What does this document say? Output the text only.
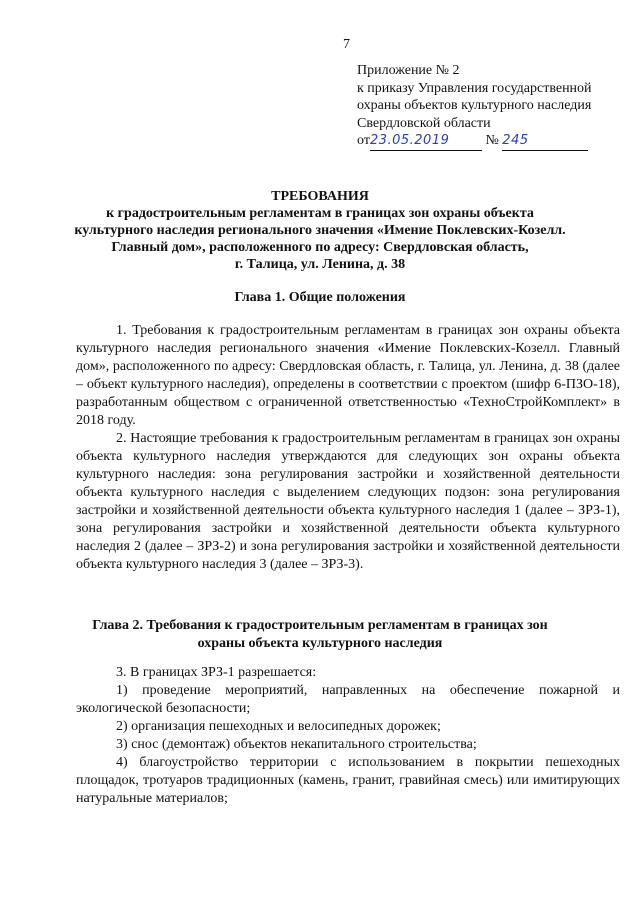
7
Приложение № 2
к приказу Управления государственной
охраны объектов культурного наследия
Свердловской области
от23.05.2019	№ 245
ТРЕБОВАНИЯ
к градостроительным регламентам в границах зон охраны объекта
культурного наследия регионального значения «Имение Поклевских-Козелл.
Главный дом», расположенного по адресу: Свердловская область,
г. Талица, ул. Ленина, д. 38
Глава 1. Общие положения
1. Требования к градостроительным регламентам в границах зон охраны объекта культурного наследия регионального значения «Имение Поклевских-Козелл. Главный дом», расположенного по адресу: Свердловская область, г. Талица, ул. Ленина, д. 38 (далее – объект культурного наследия), определены в соответствии с проектом (шифр 6-ПЗО-18), разработанным обществом с ограниченной ответственностью «ТехноСтройКомплект» в 2018 году.
2. Настоящие требования к градостроительным регламентам в границах зон охраны объекта культурного наследия утверждаются для следующих зон охраны объекта культурного наследия: зона регулирования застройки и хозяйственной деятельности объекта культурного наследия с выделением следующих подзон: зона регулирования застройки и хозяйственной деятельности объекта культурного наследия 1 (далее – ЗРЗ-1), зона регулирования застройки и хозяйственной деятельности объекта культурного наследия 2 (далее – ЗРЗ-2) и зона регулирования застройки и хозяйственной деятельности объекта культурного наследия 3 (далее – ЗРЗ-3).
Глава 2. Требования к градостроительным регламентам в границах зон
охраны объекта культурного наследия
3. В границах ЗРЗ-1 разрешается:
1) проведение мероприятий, направленных на обеспечение пожарной и экологической безопасности;
2) организация пешеходных и велосипедных дорожек;
3) снос (демонтаж) объектов некапитального строительства;
4) благоустройство территории с использованием в покрытии пешеходных площадок, тротуаров традиционных (камень, гранит, гравийная смесь) или имитирующих натуральные материалов;
